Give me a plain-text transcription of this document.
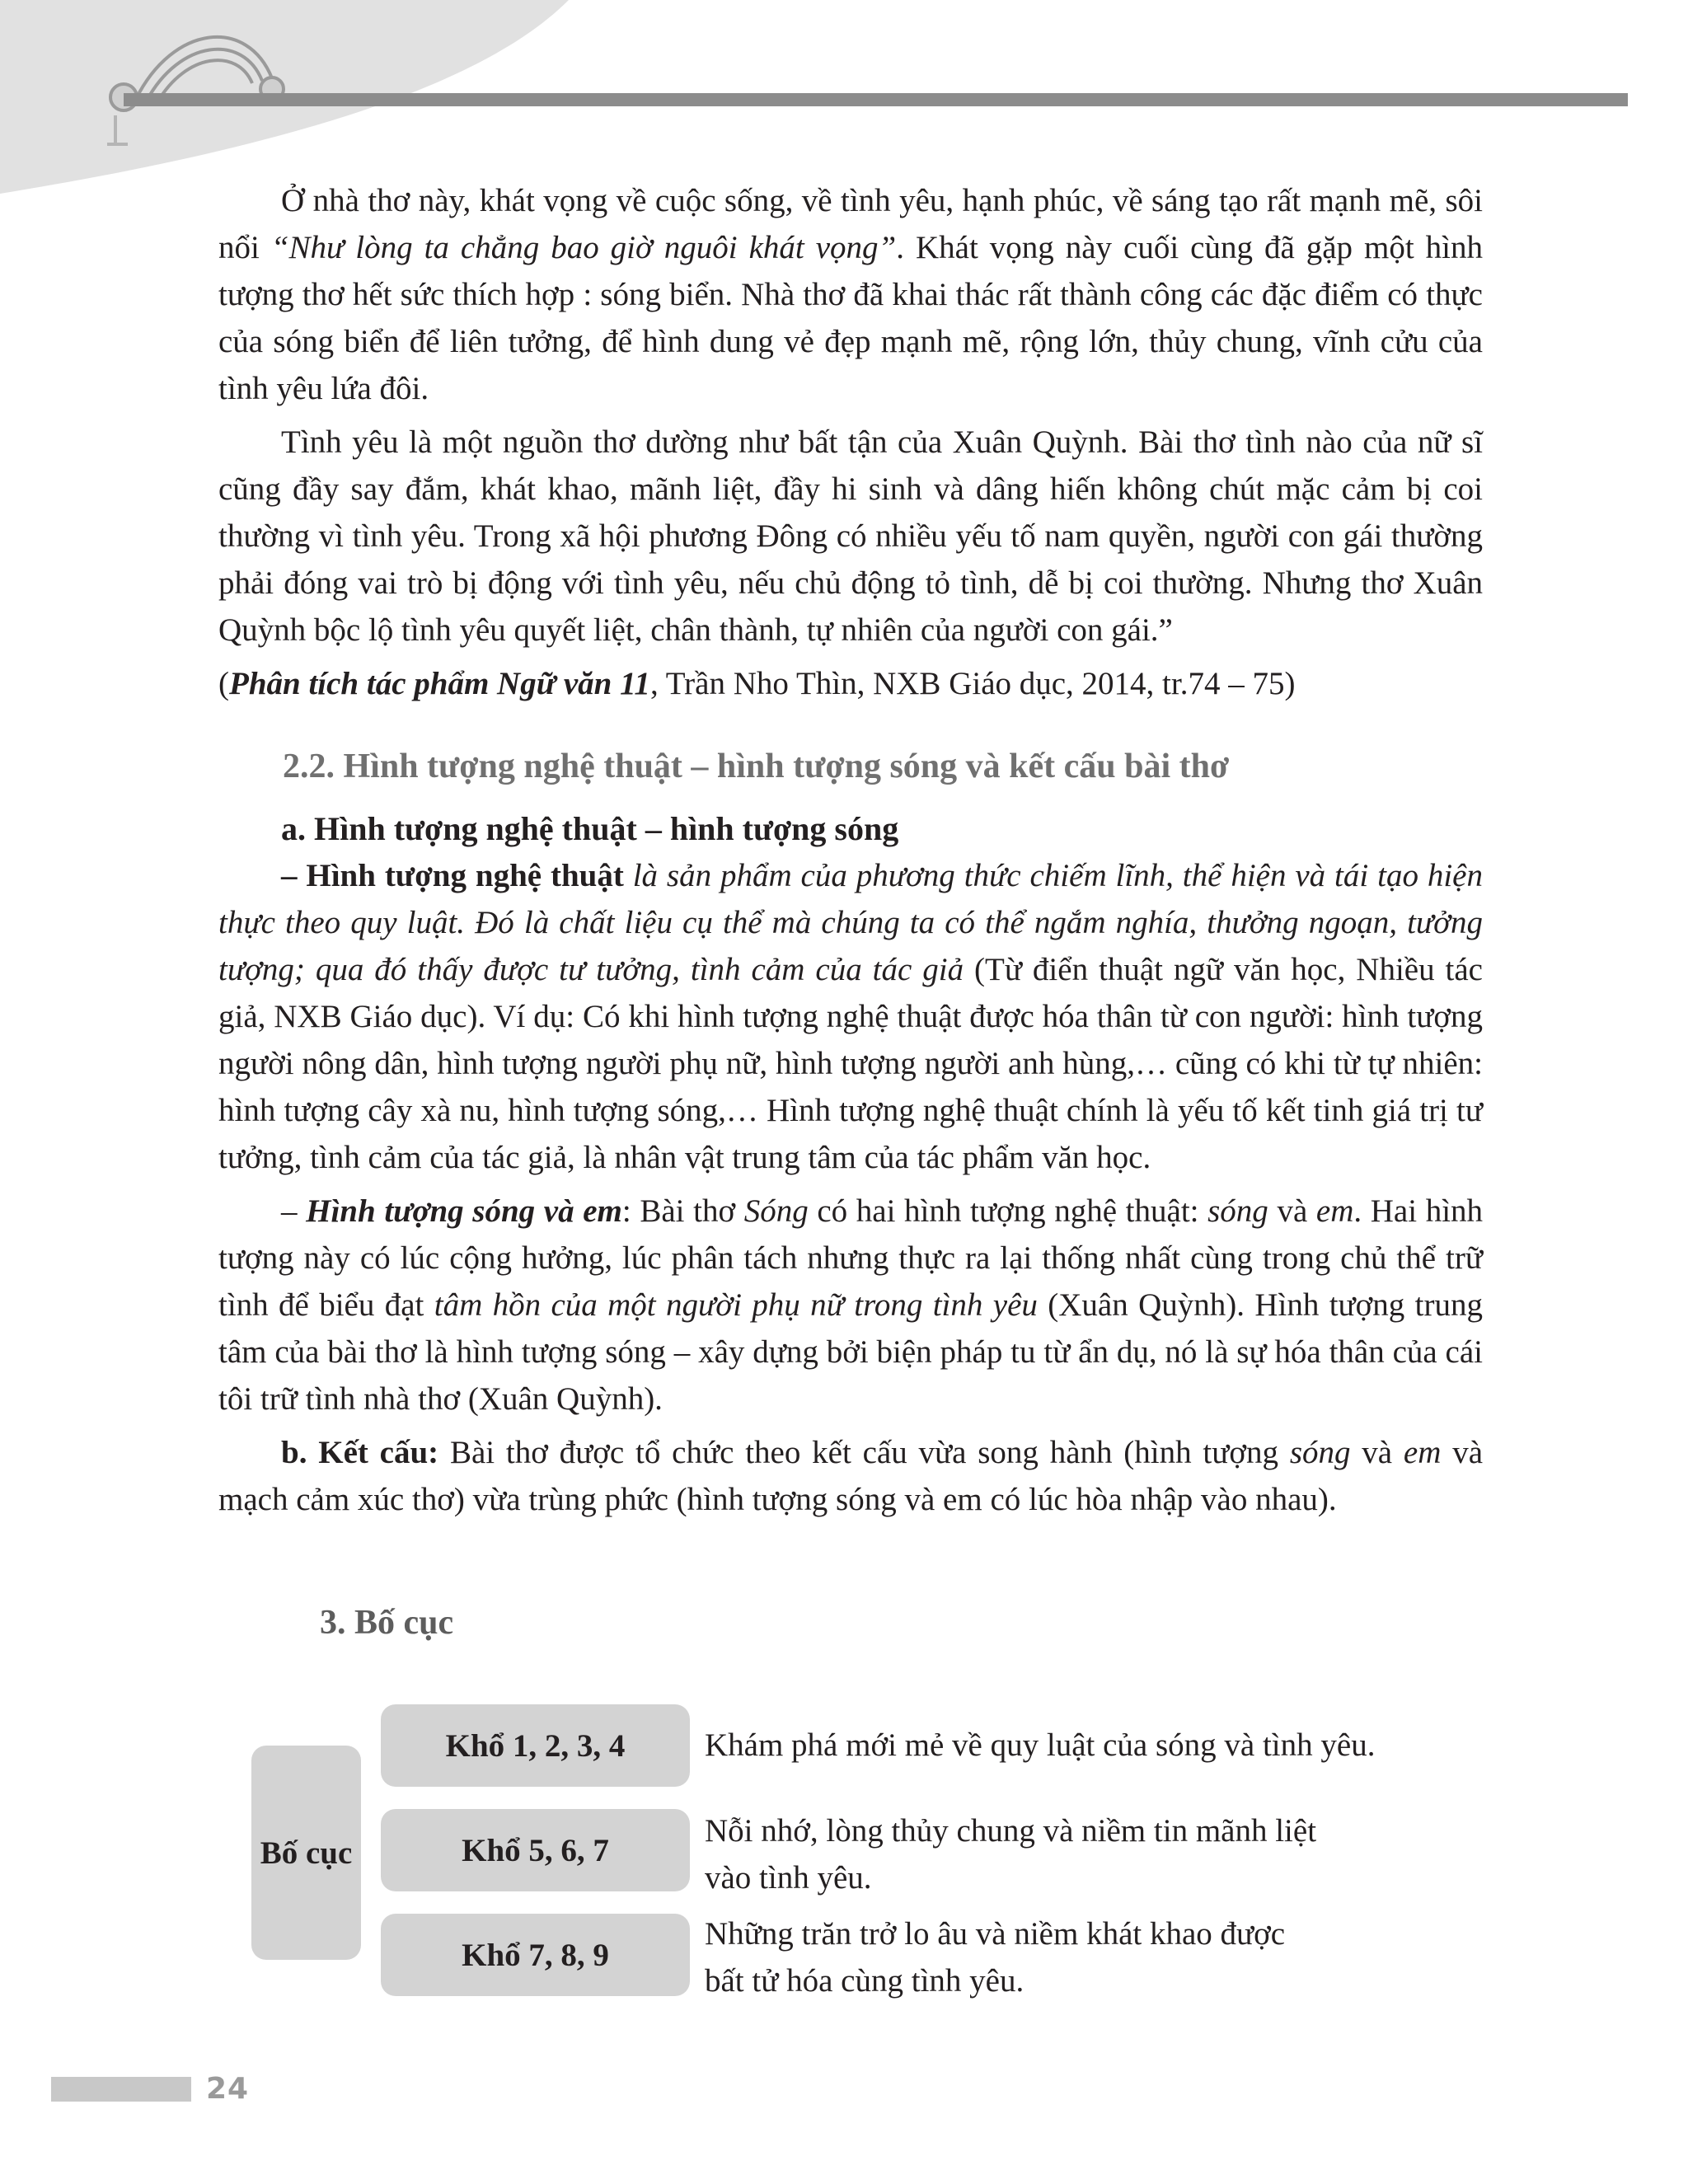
Ở nhà thơ này, khát vọng về cuộc sống, về tình yêu, hạnh phúc, về sáng tạo rất mạnh mẽ, sôi nổi “Như lòng ta chẳng bao giờ nguôi khát vọng”. Khát vọng này cuối cùng đã gặp một hình tượng thơ hết sức thích hợp : sóng biển. Nhà thơ đã khai thác rất thành công các đặc điểm có thực của sóng biển để liên tưởng, để hình dung vẻ đẹp mạnh mẽ, rộng lớn, thủy chung, vĩnh cửu của tình yêu lứa đôi.

Tình yêu là một nguồn thơ dường như bất tận của Xuân Quỳnh. Bài thơ tình nào của nữ sĩ cũng đầy say đắm, khát khao, mãnh liệt, đầy hi sinh và dâng hiến không chút mặc cảm bị coi thường vì tình yêu. Trong xã hội phương Đông có nhiều yếu tố nam quyền, người con gái thường phải đóng vai trò bị động với tình yêu, nếu chủ động tỏ tình, dễ bị coi thường. Nhưng thơ Xuân Quỳnh bộc lộ tình yêu quyết liệt, chân thành, tự nhiên của người con gái.”

(Phân tích tác phẩm Ngữ văn 11, Trần Nho Thìn, NXB Giáo dục, 2014, tr.74 – 75)

2.2. Hình tượng nghệ thuật – hình tượng sóng và kết cấu bài thơ
a. Hình tượng nghệ thuật – hình tượng sóng

– Hình tượng nghệ thuật là sản phẩm của phương thức chiếm lĩnh, thể hiện và tái tạo hiện thực theo quy luật. Đó là chất liệu cụ thể mà chúng ta có thể ngắm nghía, thưởng ngoạn, tưởng tượng; qua đó thấy được tư tưởng, tình cảm của tác giả (Từ điển thuật ngữ văn học, Nhiều tác giả, NXB Giáo dục). Ví dụ: Có khi hình tượng nghệ thuật được hóa thân từ con người: hình tượng người nông dân, hình tượng người phụ nữ, hình tượng người anh hùng,… cũng có khi từ tự nhiên: hình tượng cây xà nu, hình tượng sóng,… Hình tượng nghệ thuật chính là yếu tố kết tinh giá trị tư tưởng, tình cảm của tác giả, là nhân vật trung tâm của tác phẩm văn học.

– Hình tượng sóng và em: Bài thơ Sóng có hai hình tượng nghệ thuật: sóng và em. Hai hình tượng này có lúc cộng hưởng, lúc phân tách nhưng thực ra lại thống nhất cùng trong chủ thể trữ tình để biểu đạt tâm hồn của một người phụ nữ trong tình yêu (Xuân Quỳnh). Hình tượng trung tâm của bài thơ là hình tượng sóng – xây dựng bởi biện pháp tu từ ẩn dụ, nó là sự hóa thân của cái tôi trữ tình nhà thơ (Xuân Quỳnh).

b. Kết cấu: Bài thơ được tổ chức theo kết cấu vừa song hành (hình tượng sóng và em và mạch cảm xúc thơ) vừa trùng phức (hình tượng sóng và em có lúc hòa nhập vào nhau).

3. Bố cục
Bố cục
Khổ 1, 2, 3, 4 Khám phá mới mẻ về quy luật của sóng và tình yêu.
Khổ 5, 6, 7
Nỗi nhớ, lòng thủy chung và niềm tin mãnh liệt
vào tình yêu.
Khổ 7, 8, 9
Những trăn trở lo âu và niềm khát khao được
bất tử hóa cùng tình yêu.
24
